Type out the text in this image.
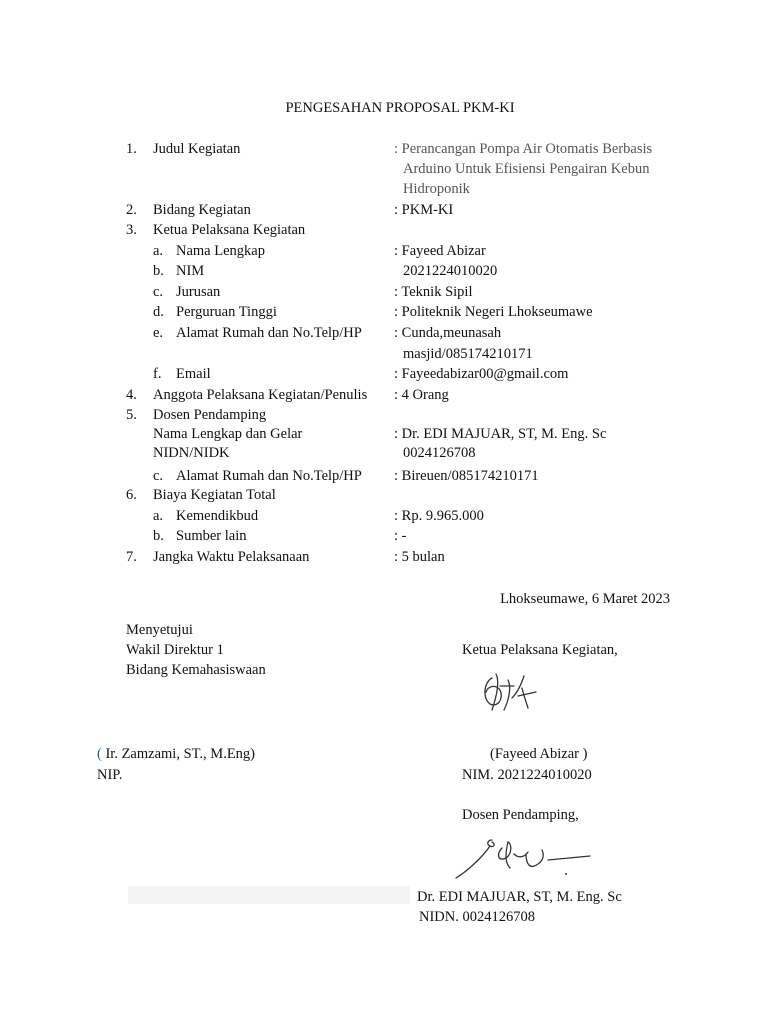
PENGESAHAN PROPOSAL PKM-KI
1. Judul Kegiatan	: Perancangan Pompa Air Otomatis Berbasis
Arduino Untuk Efisiensi Pengairan Kebun
Hidroponik
2. Bidang Kegiatan	: PKM-KI
3. Ketua Pelaksana Kegiatan
a. Nama Lengkap	: Fayeed Abizar
b. NIM	2021224010020
c. Jurusan	: Teknik Sipil
d. Perguruan Tinggi	: Politeknik Negeri Lhokseumawe
e. Alamat Rumah dan No.Telp/HP : Cunda,meunasah
masjid/085174210171
f. Email	: Fayeedabizar00@gmail.com
4. Anggota Pelaksana Kegiatan/Penulis : 4 Orang
5. Dosen Pendamping
Nama Lengkap dan Gelar	: Dr. EDI MAJUAR, ST, M. Eng. Sc
NIDN/NIDK	0024126708
c. Alamat Rumah dan No.Telp/HP : Bireuen/085174210171
6. Biaya Kegiatan Total
a. Kemendikbud	: Rp. 9.965.000
b. Sumber lain	: -
7. Jangka Waktu Pelaksanaan	: 5 bulan
Lhokseumawe, 6 Maret 2023
Menyetujui
Wakil Direktur 1
Bidang Kemahasiswaan
( Ir. Zamzami, ST., M.Eng)
NIP.
Ketua Pelaksana Kegiatan,
(Fayeed Abizar )
NIM. 2021224010020
Dosen Pendamping,
Dr. EDI MAJUAR, ST, M. Eng. Sc
NIDN. 0024126708
